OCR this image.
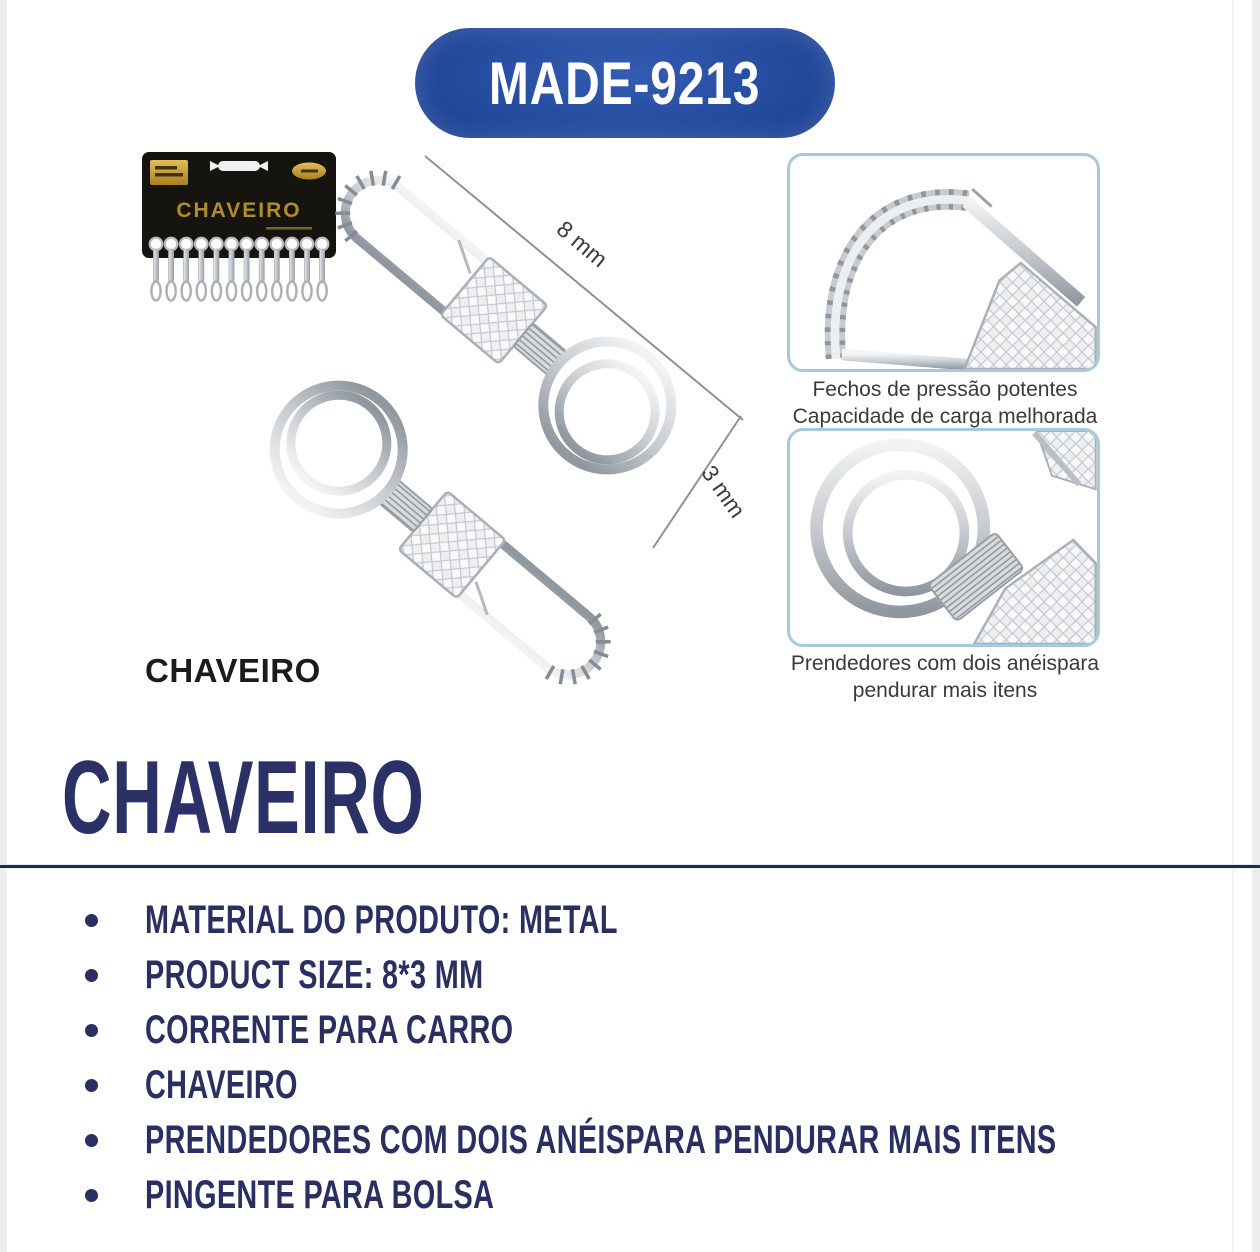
MADE-9213
CHAVEIRO
8 mm
3 mm
CHAVEIRO
Fechos de pressão potentes
Capacidade de carga melhorada
Prendedores com dois anéispara
pendurar mais itens
CHAVEIRO
MATERIAL DO PRODUTO: METAL
PRODUCT SIZE: 8*3 MM
CORRENTE PARA CARRO
CHAVEIRO
PRENDEDORES COM DOIS ANÉISPARA PENDURAR MAIS ITENS
PINGENTE PARA BOLSA
